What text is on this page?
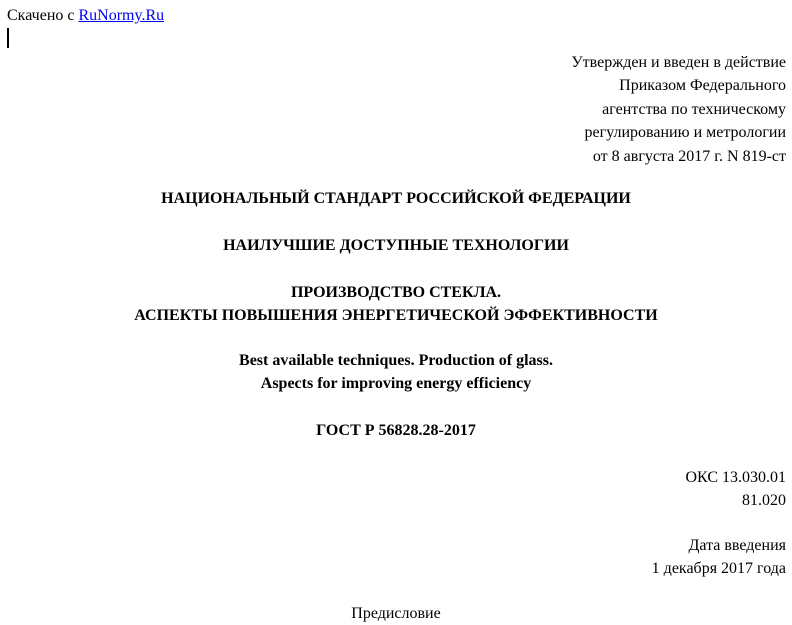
Скачено с RuNormy.Ru
Утвержден и введен в действие
Приказом Федерального
агентства по техническому
регулированию и метрологии
от 8 августа 2017 г. N 819-ст
НАЦИОНАЛЬНЫЙ СТАНДАРТ РОССИЙСКОЙ ФЕДЕРАЦИИ
НАИЛУЧШИЕ ДОСТУПНЫЕ ТЕХНОЛОГИИ
ПРОИЗВОДСТВО СТЕКЛА.
АСПЕКТЫ ПОВЫШЕНИЯ ЭНЕРГЕТИЧЕСКОЙ ЭФФЕКТИВНОСТИ
Best available techniques. Production of glass.
Aspects for improving energy efficiency
ГОСТ Р 56828.28-2017
ОКС 13.030.01
81.020
Дата введения
1 декабря 2017 года
Предисловие
